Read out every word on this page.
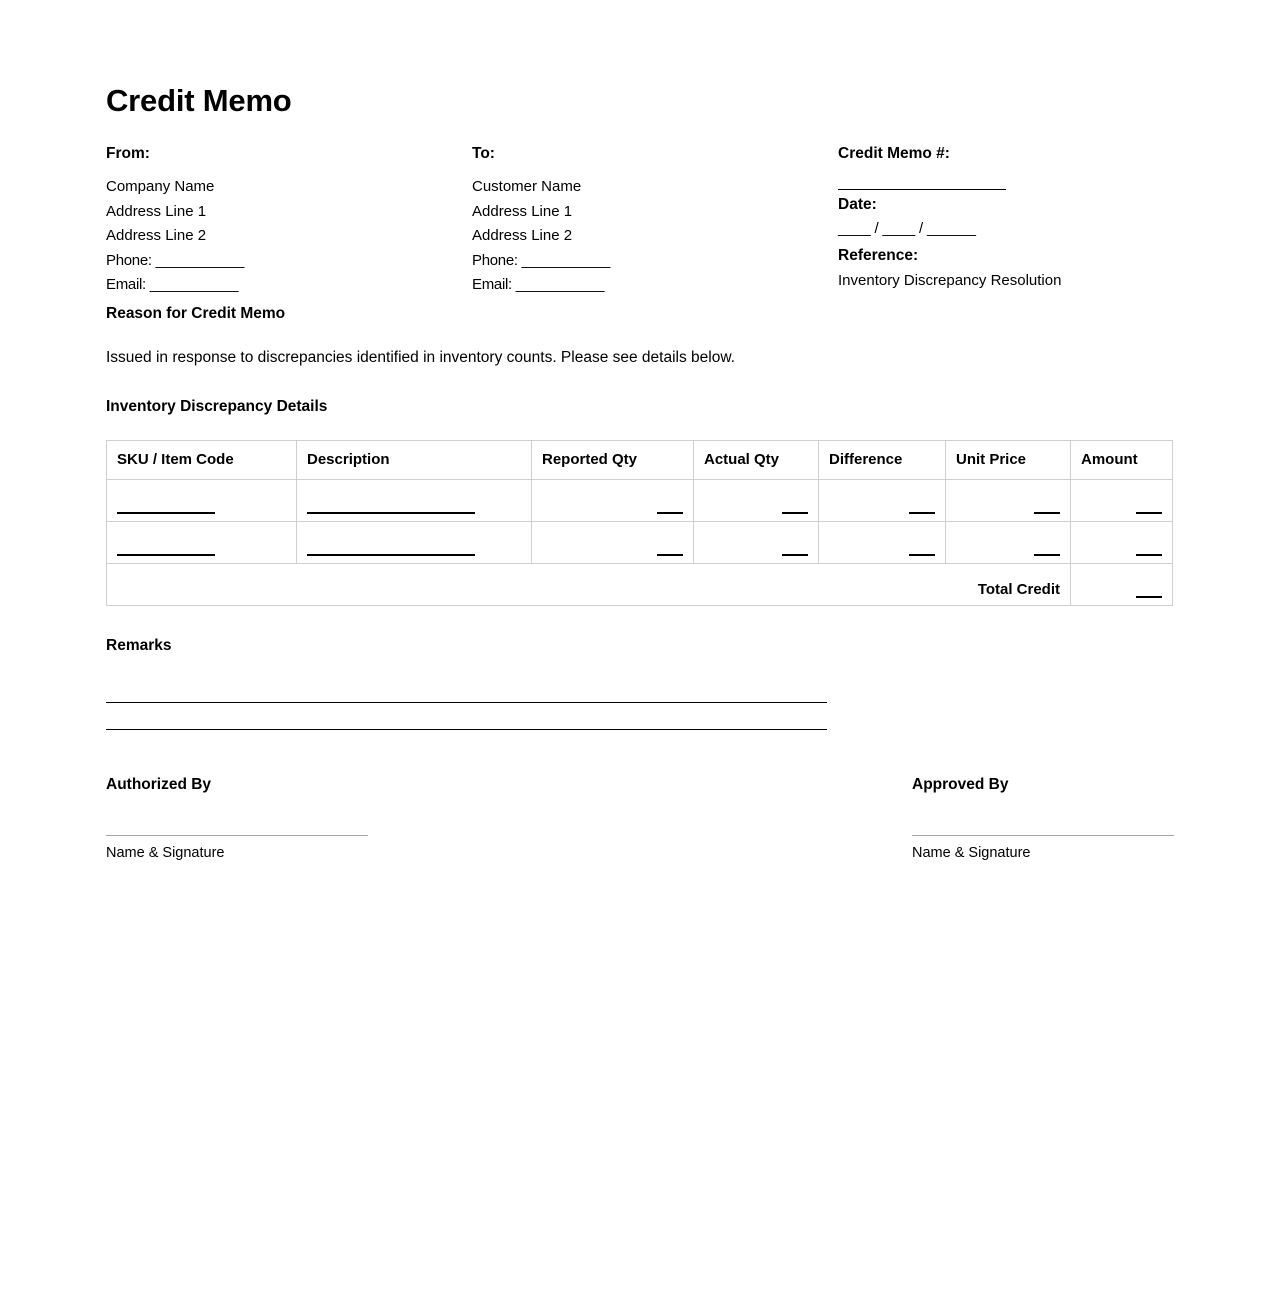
Credit Memo
From:

Company Name

Address Line 1

Address Line 2

Phone: ___________

Email: ___________

To:

Customer Name

Address Line 1

Address Line 2

Phone: ___________

Email: ___________

Credit Memo #:
Date:
____ / ____ / ______
Reference:
Inventory Discrepancy Resolution
Reason for Credit Memo

Issued in response to discrepancies identified in inventory counts. Please see details below.

Inventory Discrepancy Details
SKU / Item Code	Description	Reported Qty	Actual Qty	Difference	Unit Price	Amount

Total Credit						
Remarks
Authorized By

Name & Signature

Approved By

Name & Signature
